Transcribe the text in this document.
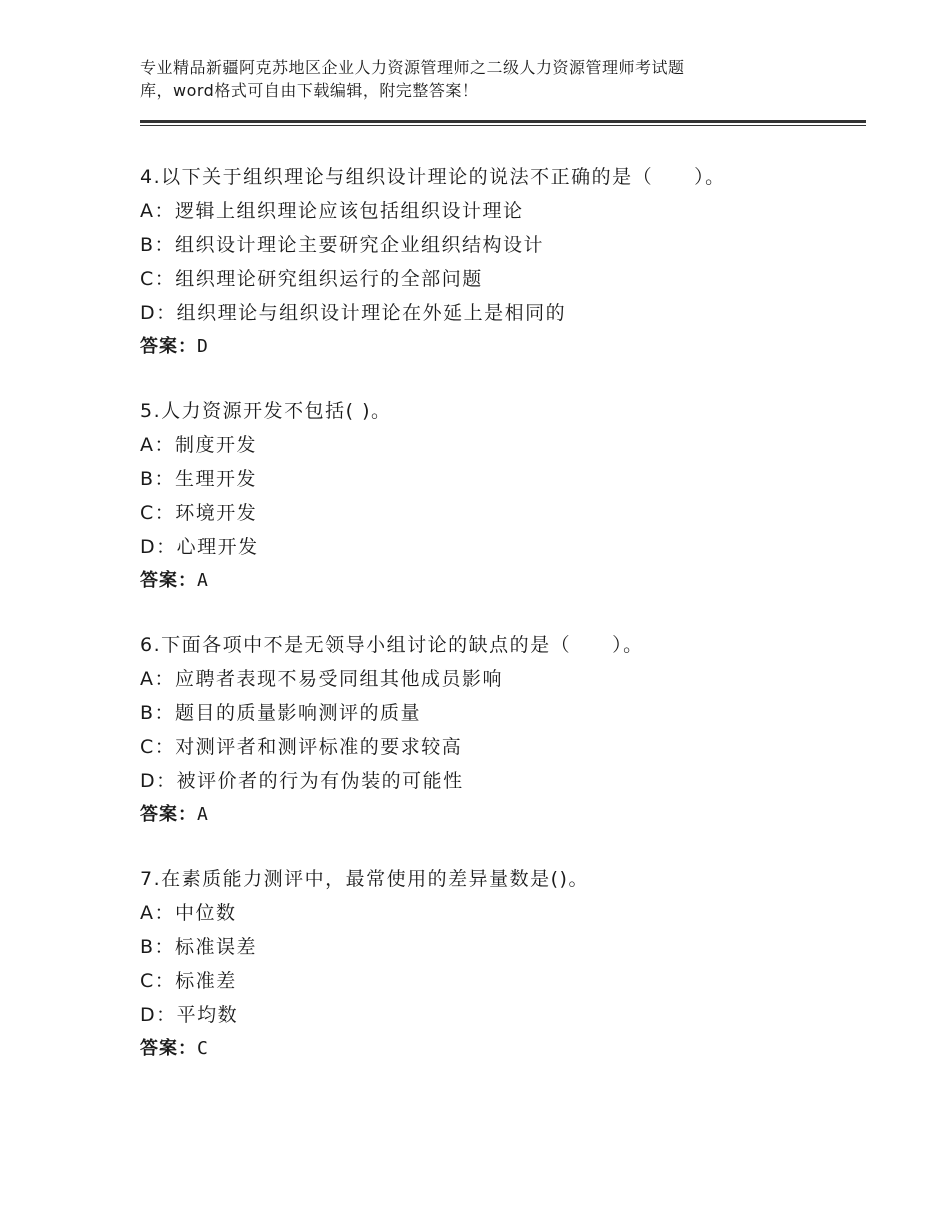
专业精品新疆阿克苏地区企业人力资源管理师之二级人力资源管理师考试题
库，word格式可自由下载编辑，附完整答案！
4.以下关于组织理论与组织设计理论的说法不正确的是（　　）。
A：逻辑上组织理论应该包括组织设计理论
B：组织设计理论主要研究企业组织结构设计
C：组织理论研究组织运行的全部问题
D：组织理论与组织设计理论在外延上是相同的
答案：D
5.人力资源开发不包括( )。
A：制度开发
B：生理开发
C：环境开发
D：心理开发
答案：A
6.下面各项中不是无领导小组讨论的缺点的是（　　）。
A：应聘者表现不易受同组其他成员影响
B：题目的质量影响测评的质量
C：对测评者和测评标准的要求较高
D：被评价者的行为有伪装的可能性
答案：A
7.在素质能力测评中，最常使用的差异量数是()。
A：中位数
B：标准误差
C：标准差
D：平均数
答案：C
